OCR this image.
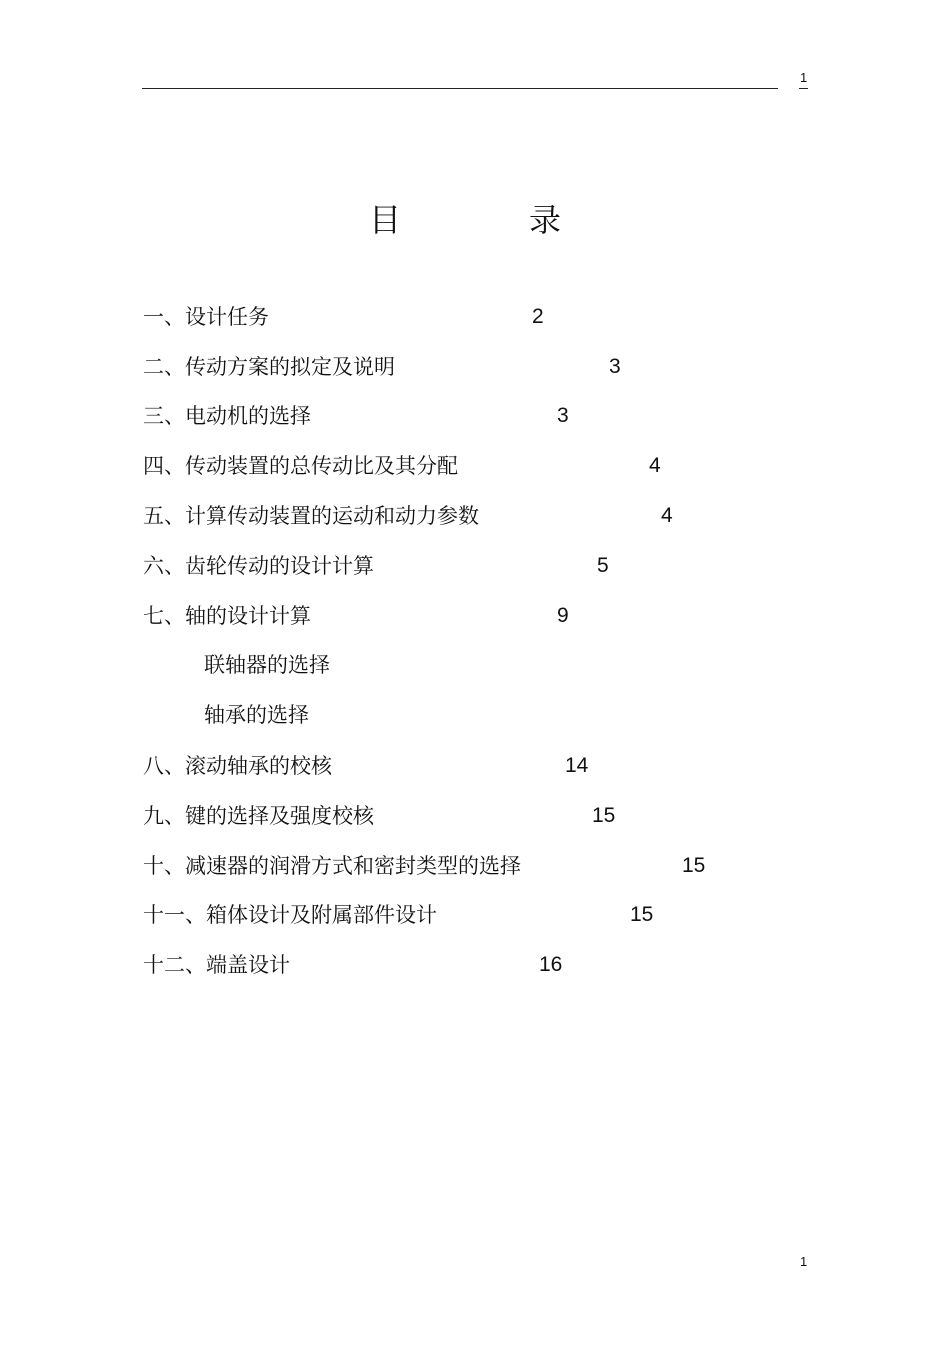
1
目　录
一、设计任务	2
二、传动方案的拟定及说明	3
三、电动机的选择	3
四、传动装置的总传动比及其分配	4
五、计算传动装置的运动和动力参数	4
六、齿轮传动的设计计算	5
七、轴的设计计算	9
联轴器的选择
轴承的选择
八、滚动轴承的校核	14
九、键的选择及强度校核	15
十、减速器的润滑方式和密封类型的选择	15
十一、箱体设计及附属部件设计	15
十二、端盖设计	16
1
